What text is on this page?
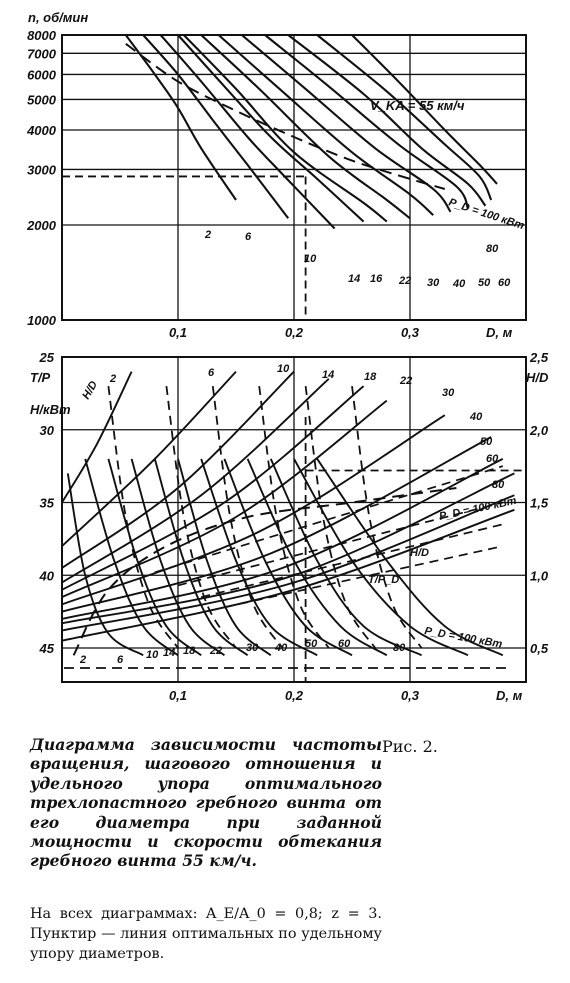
8000
7000
6000
5000
4000
3000
2000
1000
0,1	0,2	0,3
n, об/мин
D, м
V_KA = 55 км/ч
2	6
10
14 16 22 30 40 50 60
80
P_D = 100 кВт
25
30
35
40
45
2,5
2,0
1,5
1,0
0,5
0,1	0,2	0,3	D, м
T/P
Н/кВт
H/D
H/D
2	6	10	14	18 22
30
40
50
60
80
P_D = 100 кВт
H/D
2	6 10 14 18 22 30 40 50 60	80 P_D = 100 кВт
T/P_D
Диаграмма зависимости частоты вращения, шагового отношения и удельного упора оптимального трехлопастного гребного винта от его диаметра при заданной мощности и скорости обтекания гребного винта 55 км/ч.
На всех диаграммах: A_E/A_0 = 0,8; z = 3. Пунктир — линия оптимальных по удельному упору диаметров.
Рис. 2.
